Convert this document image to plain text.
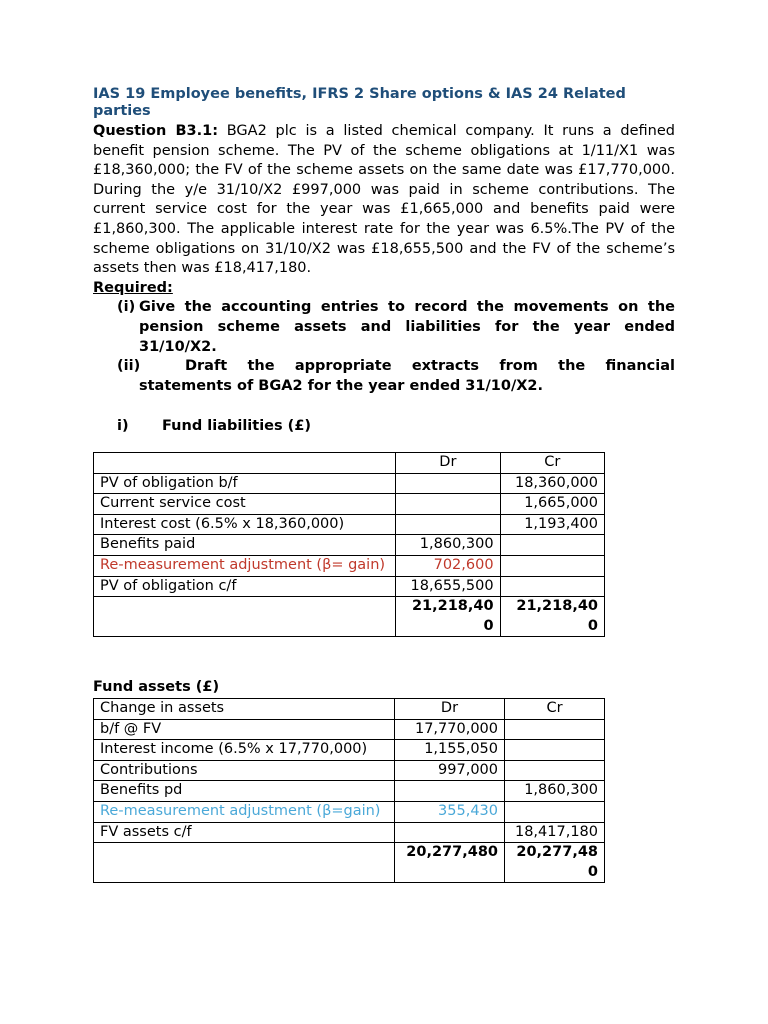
IAS 19 Employee benefits, IFRS 2 Share options & IAS 24 Related parties

Question B3.1: BGA2 plc is a listed chemical company. It runs a defined benefit pension scheme. The PV of the scheme obligations at 1/11/X1 was £18,360,000; the FV of the scheme assets on the same date was £17,770,000. During the y/e 31/10/X2 £997,000 was paid in scheme contributions. The current service cost for the year was £1,665,000 and benefits paid were £1,860,300. The applicable interest rate for the year was 6.5%.The PV of the scheme obligations on 31/10/X2 was £18,655,500 and the FV of the scheme’s assets then was £18,417,180.

Required:
(i) Give the accounting entries to record the movements on the pension scheme assets and liabilities for the year ended 31/10/X2.
(ii)	Draft the appropriate extracts from the financial statements of BGA2 for the year ended 31/10/X2.
i) Fund liabilities (£)
	Dr	Cr
PV of obligation b/f		18,360,000
Current service cost		1,665,000
Interest cost (6.5% x 18,360,000)		1,193,400
Benefits paid	1,860,300	
Re-measurement adjustment (β= gain)	702,600	
PV of obligation c/f	18,655,500	
	21,218,400	21,218,400
Fund assets (£)
Change in assets	Dr	Cr
b/f @ FV	17,770,000	
Interest income (6.5% x 17,770,000)	1,155,050	
Contributions	997,000	
Benefits pd		1,860,300
Re-measurement adjustment (β=gain)	355,430	
FV assets c/f		18,417,180
	20,277,480	20,277,480
